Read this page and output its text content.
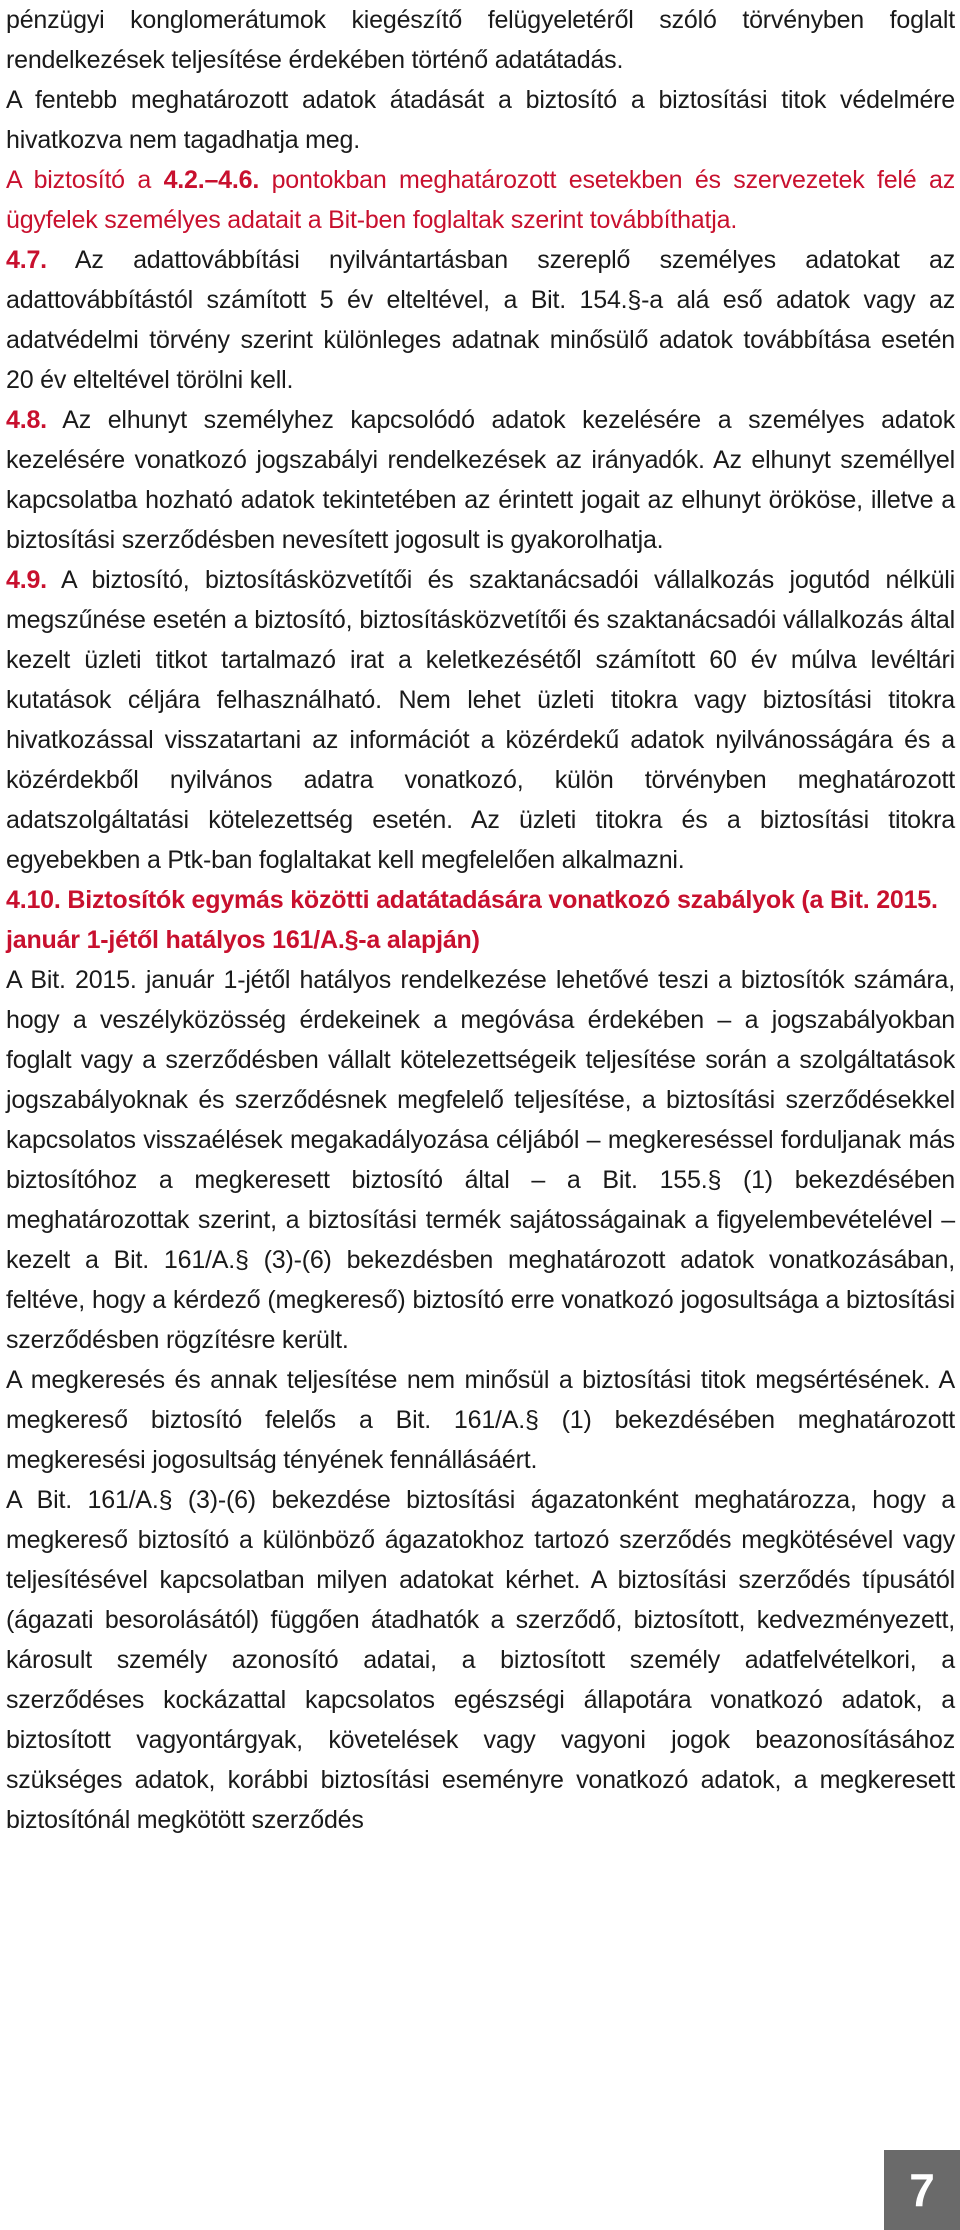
pénzügyi konglomerátumok kiegészítő felügyeletéről szóló törvényben foglalt rendelkezések teljesítése érdekében történő adatátadás.

A fentebb meghatározott adatok átadását a biztosító a biztosítási titok védelmére hivatkozva nem tagadhatja meg.

A biztosító a 4.2.–4.6. pontokban meghatározott esetekben és szervezetek felé az ügyfelek személyes adatait a Bit-ben foglaltak szerint továbbíthatja.

4.7. Az adattovábbítási nyilvántartásban szereplő személyes adatokat az adattovábbítástól számított 5 év elteltével, a Bit. 154.§-a alá eső adatok vagy az adatvédelmi törvény szerint különleges adatnak minősülő adatok továbbítása esetén 20 év elteltével törölni kell.

4.8. Az elhunyt személyhez kapcsolódó adatok kezelésére a személyes adatok kezelésére vonatkozó jogszabályi rendelkezések az irányadók. Az elhunyt személlyel kapcsolatba hozható adatok tekintetében az érintett jogait az elhunyt örököse, illetve a biztosítási szerződésben nevesített jogosult is gyakorolhatja.

4.9. A biztosító, biztosításközvetítői és szaktanácsadói vállalkozás jogutód nélküli megszűnése esetén a biztosító, biztosításközvetítői és szaktanácsadói vállalkozás által kezelt üzleti titkot tartalmazó irat a keletkezésétől számított 60 év múlva levéltári kutatások céljára felhasználható. Nem lehet üzleti titokra vagy biztosítási titokra hivatkozással visszatartani az információt a közérdekű adatok nyilvánosságára és a közérdekből nyilvános adatra vonatkozó, külön törvényben meghatározott adatszolgáltatási kötelezettség esetén. Az üzleti titokra és a biztosítási titokra egyebekben a Ptk-ban foglaltakat kell megfelelően alkalmazni.

4.10. Biztosítók egymás közötti adatátadására vonatkozó szabályok (a Bit. 2015. január 1-jétől hatályos 161/A.§-a alapján)

A Bit. 2015. január 1-jétől hatályos rendelkezése lehetővé teszi a biztosítók számára, hogy a veszélyközösség érdekeinek a megóvása érdekében – a jogszabályokban foglalt vagy a szerződésben vállalt kötelezettségeik teljesítése során a szolgáltatások jogszabályoknak és szerződésnek megfelelő teljesítése, a biztosítási szerződésekkel kapcsolatos visszaélések megakadályozása céljából – megkereséssel forduljanak más biztosítóhoz a megkeresett biztosító által – a Bit. 155.§ (1) bekezdésében meghatározottak szerint, a biztosítási termék sajátosságainak a figyelembevételével – kezelt a Bit. 161/A.§ (3)-(6) bekezdésben meghatározott adatok vonatkozásában, feltéve, hogy a kérdező (megkereső) biztosító erre vonatkozó jogosultsága a biztosítási szerződésben rögzítésre került.

A megkeresés és annak teljesítése nem minősül a biztosítási titok megsértésének. A megkereső biztosító felelős a Bit. 161/A.§ (1) bekezdésében meghatározott megkeresési jogosultság tényének fennállásáért.

A Bit. 161/A.§ (3)-(6) bekezdése biztosítási ágazatonként meghatározza, hogy a megkereső biztosító a különböző ágazatokhoz tartozó szerződés megkötésével vagy teljesítésével kapcsolatban milyen adatokat kérhet. A biztosítási szerződés típusától (ágazati besorolásától) függően átadhatók a szerződő, biztosított, kedvezményezett, károsult személy azonosító adatai, a biztosított személy adatfelvételkori, a szerződéses kockázattal kapcsolatos egészségi állapotára vonatkozó adatok, a biztosított vagyontárgyak, követelések vagy vagyoni jogok beazonosításához szükséges adatok, korábbi biztosítási eseményre vonatkozó adatok, a megkeresett biztosítónál megkötött szerződés

7
